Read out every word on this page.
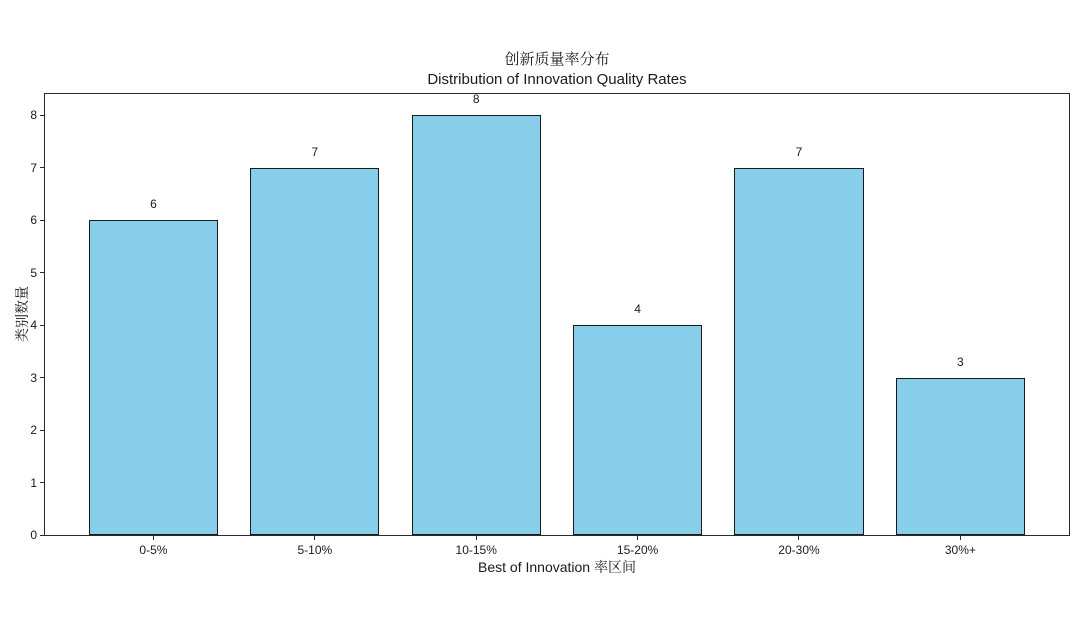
创新质量率分布
Distribution of Innovation Quality Rates
类别数量
0
1
2
3
4
5
6
7
8
6
0-5%
7
5-10%
8
10-15%
4
15-20%
7
20-30%
3
30%+
Best of Innovation 率区间
